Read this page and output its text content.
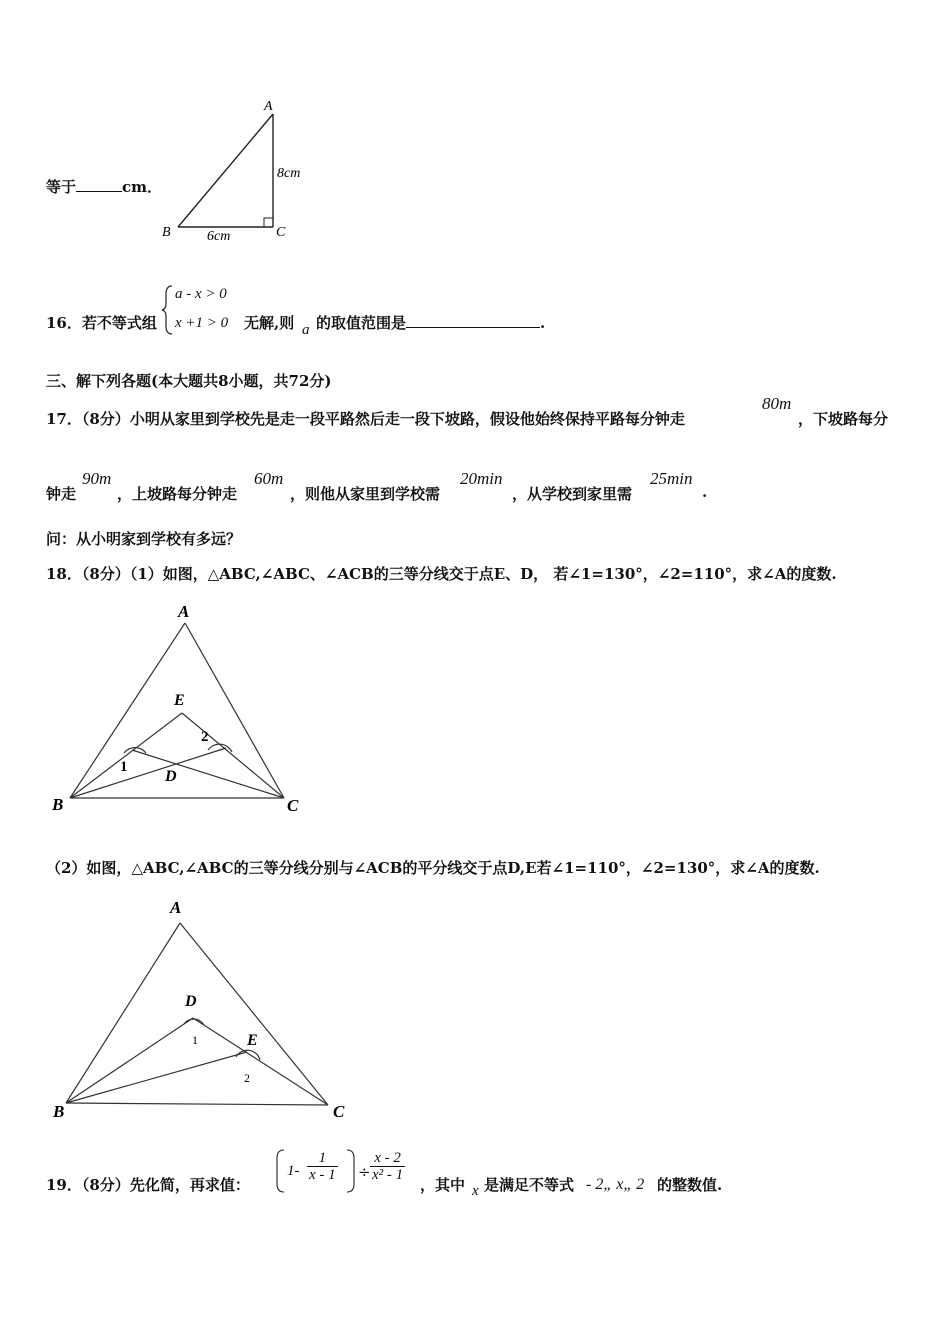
等于	cm．
A
B	C
8cm
6cm
16．若不等式组
a - x > 0
x +1 > 0 无解,则 a 的取值范围是	.
三、解下列各题(本大题共8小题，共72分)
17．（8分）小明从家里到学校先是走一段平路然后走一段下坡路，假设他始终保持平路每分钟走
80m
，下坡路每分
钟走
90m
，上坡路每分钟走
60m
，则他从家里到学校需
20min
，从学校到家里需
25min
.
问：从小明家到学校有多远？
18．（8分）（1）如图，△ABC,∠ABC、∠ACB的三等分线交于点E、D， 若∠1=130°，∠2=110°，求∠A的度数.
A
B	C
D
E
1
2
（2）如图，△ABC,∠ABC的三等分线分别与∠ACB的平分线交于点D,E若∠1=110°，∠2=130°，求∠A的度数.
A
B	C
D
E
1
2
19．（8分）先化简，再求值：
$1- \frac{1}{x - 1} \div \frac{x - 2}{\text{x² - 1}}$
，其中 x 是满足不等式 - 2„ x„ 2 的整数值.
